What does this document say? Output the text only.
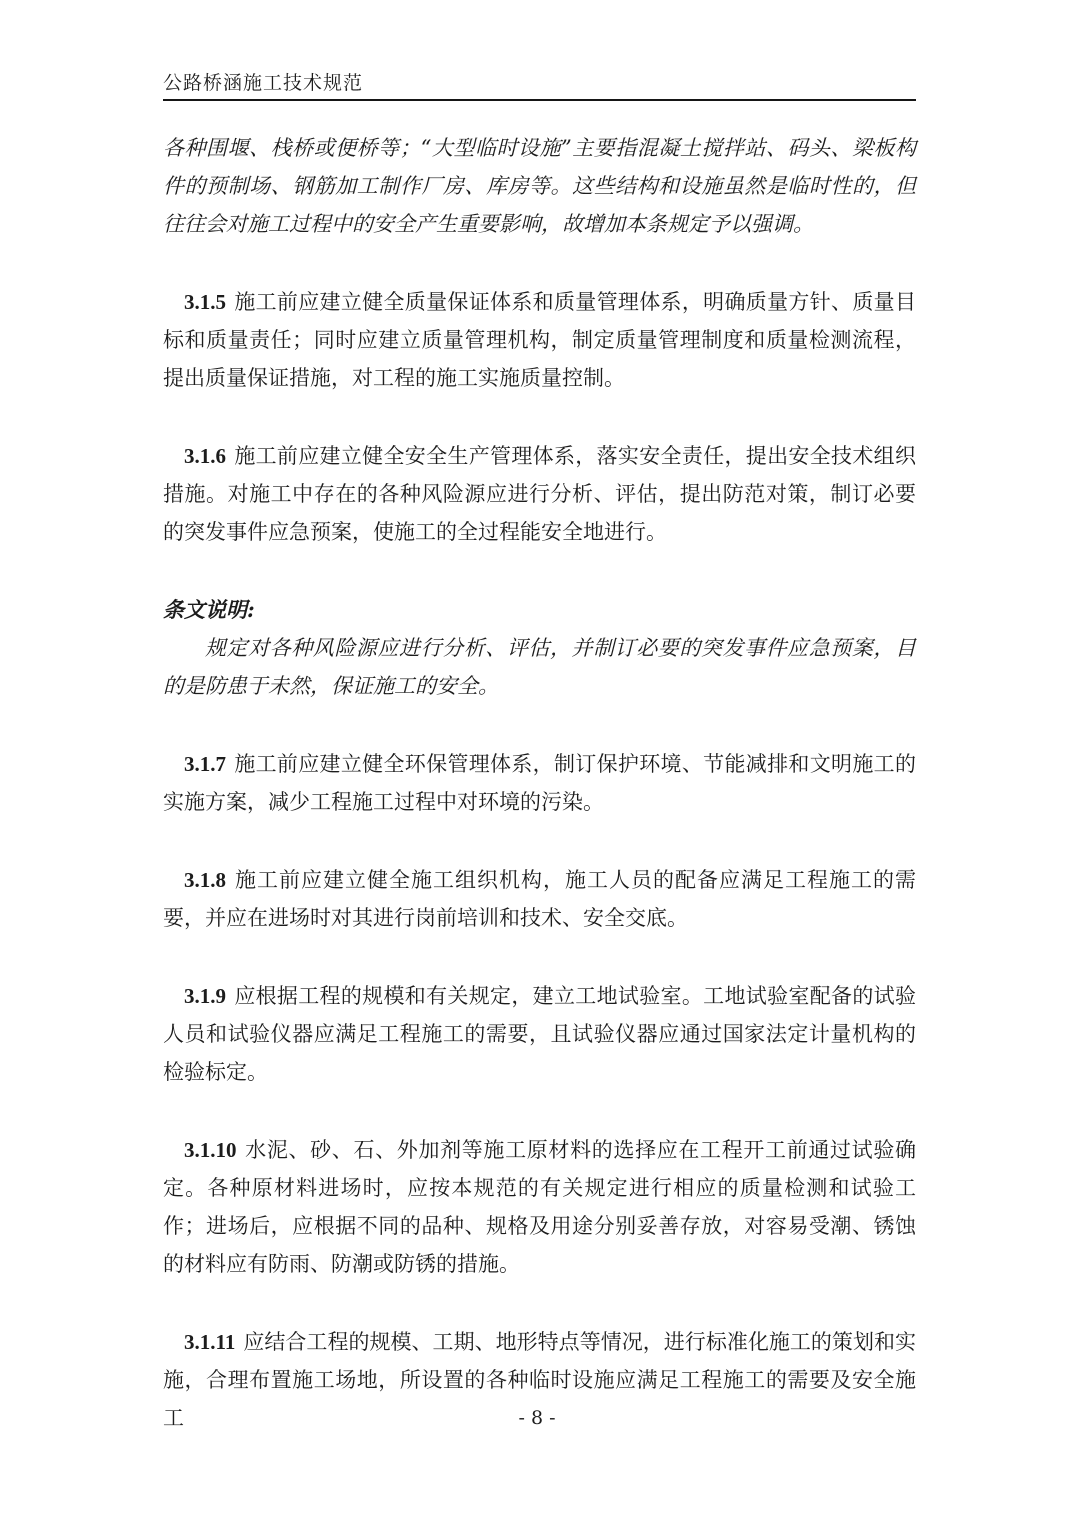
公路桥涵施工技术规范

各种围堰、栈桥或便桥等；“大型临时设施”主要指混凝土搅拌站、码头、梁板构件的预制场、钢筋加工制作厂房、库房等。这些结构和设施虽然是临时性的，但往往会对施工过程中的安全产生重要影响，故增加本条规定予以强调。

3.1.5 施工前应建立健全质量保证体系和质量管理体系，明确质量方针、质量目标和质量责任；同时应建立质量管理机构，制定质量管理制度和质量检测流程，提出质量保证措施，对工程的施工实施质量控制。

3.1.6 施工前应建立健全安全生产管理体系，落实安全责任，提出安全技术组织措施。对施工中存在的各种风险源应进行分析、评估，提出防范对策，制订必要的突发事件应急预案，使施工的全过程能安全地进行。

条文说明:

规定对各种风险源应进行分析、评估，并制订必要的突发事件应急预案，目的是防患于未然，保证施工的安全。

3.1.7 施工前应建立健全环保管理体系，制订保护环境、节能减排和文明施工的实施方案，减少工程施工过程中对环境的污染。

3.1.8 施工前应建立健全施工组织机构，施工人员的配备应满足工程施工的需要，并应在进场时对其进行岗前培训和技术、安全交底。

3.1.9 应根据工程的规模和有关规定，建立工地试验室。工地试验室配备的试验人员和试验仪器应满足工程施工的需要，且试验仪器应通过国家法定计量机构的检验标定。

3.1.10 水泥、砂、石、外加剂等施工原材料的选择应在工程开工前通过试验确定。各种原材料进场时，应按本规范的有关规定进行相应的质量检测和试验工作；进场后，应根据不同的品种、规格及用途分别妥善存放，对容易受潮、锈蚀的材料应有防雨、防潮或防锈的措施。

3.1.11 应结合工程的规模、工期、地形特点等情况，进行标准化施工的策划和实施，合理布置施工场地，所设置的各种临时设施应满足工程施工的需要及安全施工	- 8 -
